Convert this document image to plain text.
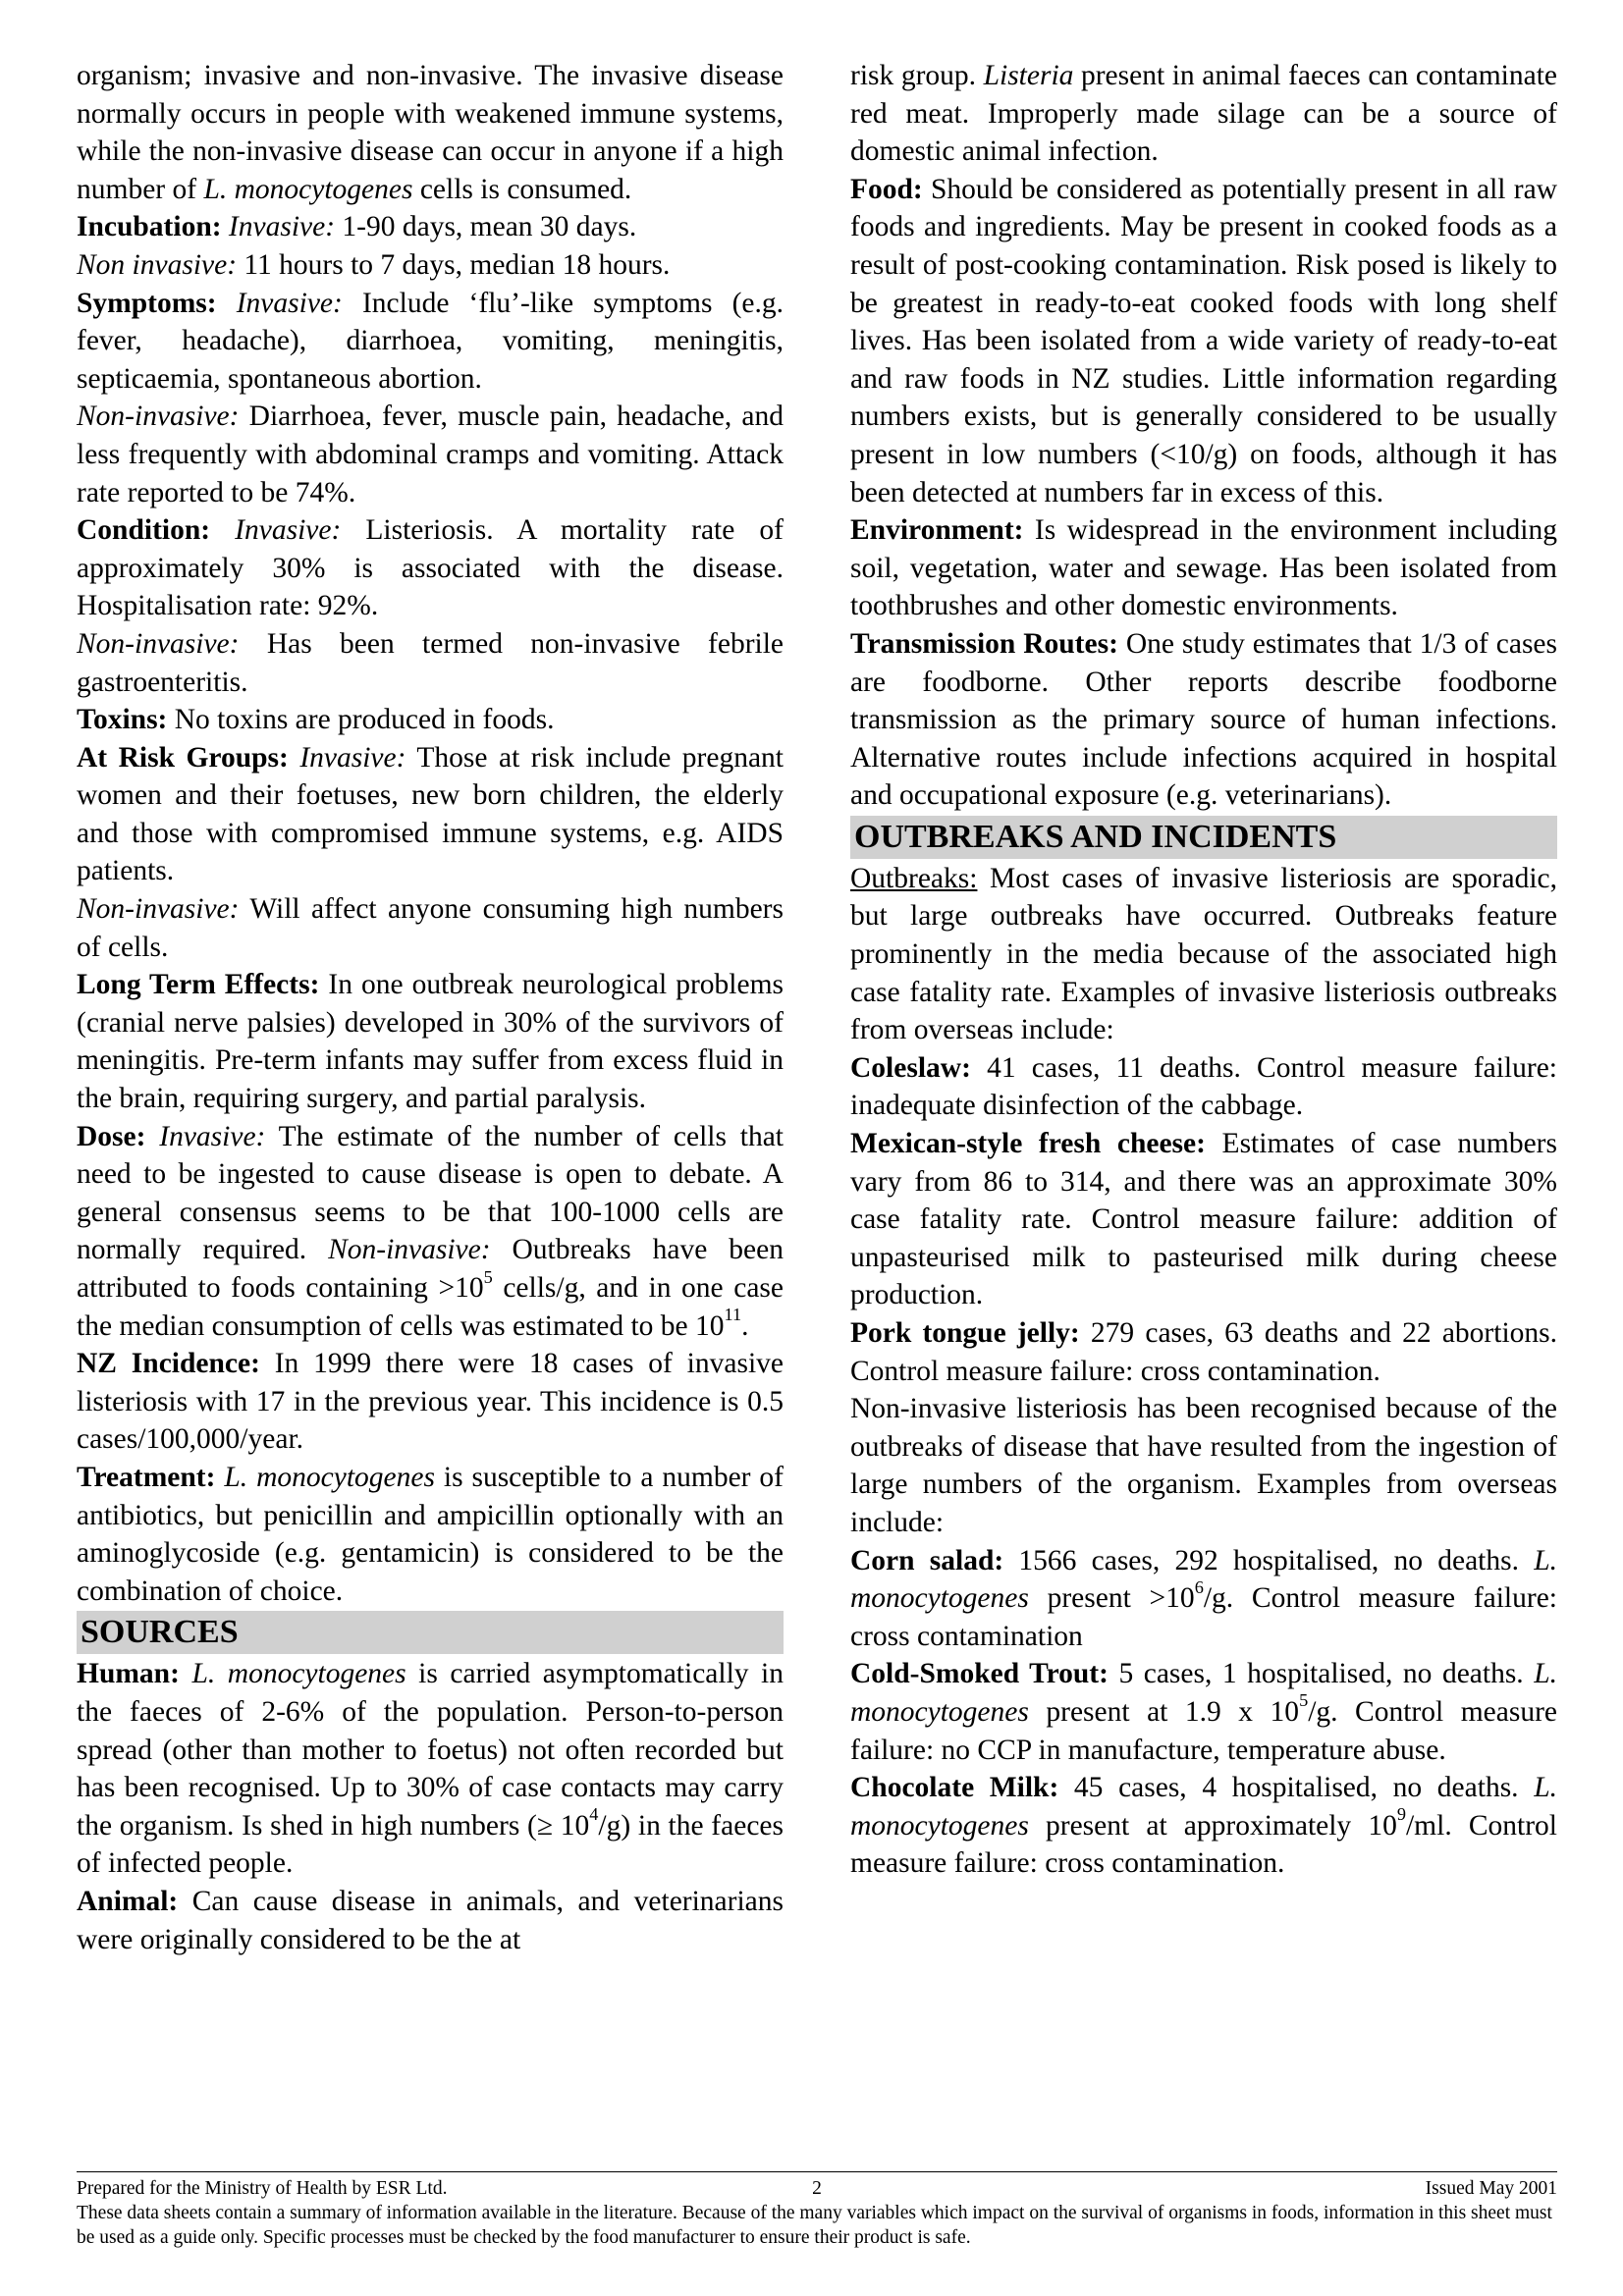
organism; invasive and non-invasive. The invasive disease normally occurs in people with weakened immune systems, while the non-invasive disease can occur in anyone if a high number of L. monocytogenes cells is consumed.

Incubation: Invasive: 1-90 days, mean 30 days.

Non invasive: 11 hours to 7 days, median 18 hours.

Symptoms: Invasive: Include ‘flu’-like symptoms (e.g. fever, headache), diarrhoea, vomiting, meningitis, septicaemia, spontaneous abortion.

Non-invasive: Diarrhoea, fever, muscle pain, headache, and less frequently with abdominal cramps and vomiting. Attack rate reported to be 74%.

Condition: Invasive: Listeriosis. A mortality rate of approximately 30% is associated with the disease. Hospitalisation rate: 92%.

Non-invasive: Has been termed non-invasive febrile gastroenteritis.

Toxins: No toxins are produced in foods.

At Risk Groups: Invasive: Those at risk include pregnant women and their foetuses, new born children, the elderly and those with compromised immune systems, e.g. AIDS patients.

Non-invasive: Will affect anyone consuming high numbers of cells.

Long Term Effects: In one outbreak neurological problems (cranial nerve palsies) developed in 30% of the survivors of meningitis. Pre-term infants may suffer from excess fluid in the brain, requiring surgery, and partial paralysis.

Dose: Invasive: The estimate of the number of cells that need to be ingested to cause disease is open to debate. A general consensus seems to be that 100-1000 cells are normally required. Non-invasive: Outbreaks have been attributed to foods containing $>10^5$ cells/g, and in one case the median consumption of cells was estimated to be $10^{11}$.

NZ Incidence: In 1999 there were 18 cases of invasive listeriosis with 17 in the previous year. This incidence is 0.5 cases/100,000/year.

Treatment: L. monocytogenes is susceptible to a number of antibiotics, but penicillin and ampicillin optionally with an aminoglycoside (e.g. gentamicin) is considered to be the combination of choice.

SOURCES

Human: L. monocytogenes is carried asymptomatically in the faeces of 2-6% of the population. Person-to-person spread (other than mother to foetus) not often recorded but has been recognised. Up to 30% of case contacts may carry the organism. Is shed in high numbers (≥ $10^4/g$) in the faeces of infected people.

Animal: Can cause disease in animals, and veterinarians were originally considered to be the at

risk group. Listeria present in animal faeces can contaminate red meat. Improperly made silage can be a source of domestic animal infection.

Food: Should be considered as potentially present in all raw foods and ingredients. May be present in cooked foods as a result of post-cooking contamination. Risk posed is likely to be greatest in ready-to-eat cooked foods with long shelf lives. Has been isolated from a wide variety of ready-to-eat and raw foods in NZ studies. Little information regarding numbers exists, but is generally considered to be usually present in low numbers (<10/g) on foods, although it has been detected at numbers far in excess of this.

Environment: Is widespread in the environment including soil, vegetation, water and sewage. Has been isolated from toothbrushes and other domestic environments.

Transmission Routes: One study estimates that 1/3 of cases are foodborne. Other reports describe foodborne transmission as the primary source of human infections. Alternative routes include infections acquired in hospital and occupational exposure (e.g. veterinarians).

OUTBREAKS AND INCIDENTS

Outbreaks: Most cases of invasive listeriosis are sporadic, but large outbreaks have occurred. Outbreaks feature prominently in the media because of the associated high case fatality rate. Examples of invasive listeriosis outbreaks from overseas include:

Coleslaw: 41 cases, 11 deaths. Control measure failure: inadequate disinfection of the cabbage.

Mexican-style fresh cheese: Estimates of case numbers vary from 86 to 314, and there was an approximate 30% case fatality rate. Control measure failure: addition of unpasteurised milk to pasteurised milk during cheese production.

Pork tongue jelly: 279 cases, 63 deaths and 22 abortions. Control measure failure: cross contamination.

Non-invasive listeriosis has been recognised because of the outbreaks of disease that have resulted from the ingestion of large numbers of the organism. Examples from overseas include:

Corn salad: 1566 cases, 292 hospitalised, no deaths. L. monocytogenes present $>10^6/g$. Control measure failure: cross contamination

Cold-Smoked Trout: 5 cases, 1 hospitalised, no deaths. L. monocytogenes present at 1.9 x $10^5/g$. Control measure failure: no CCP in manufacture, temperature abuse.

Chocolate Milk: 45 cases, 4 hospitalised, no deaths. L. monocytogenes present at approximately $10^9/ml$. Control measure failure: cross contamination.

2
Prepared for the Ministry of Health by ESR Ltd.	Issued May 2001
These data sheets contain a summary of information available in the literature. Because of the many variables which impact on the survival of organisms in foods, information in this sheet must be used as a guide only. Specific processes must be checked by the food manufacturer to ensure their product is safe.
